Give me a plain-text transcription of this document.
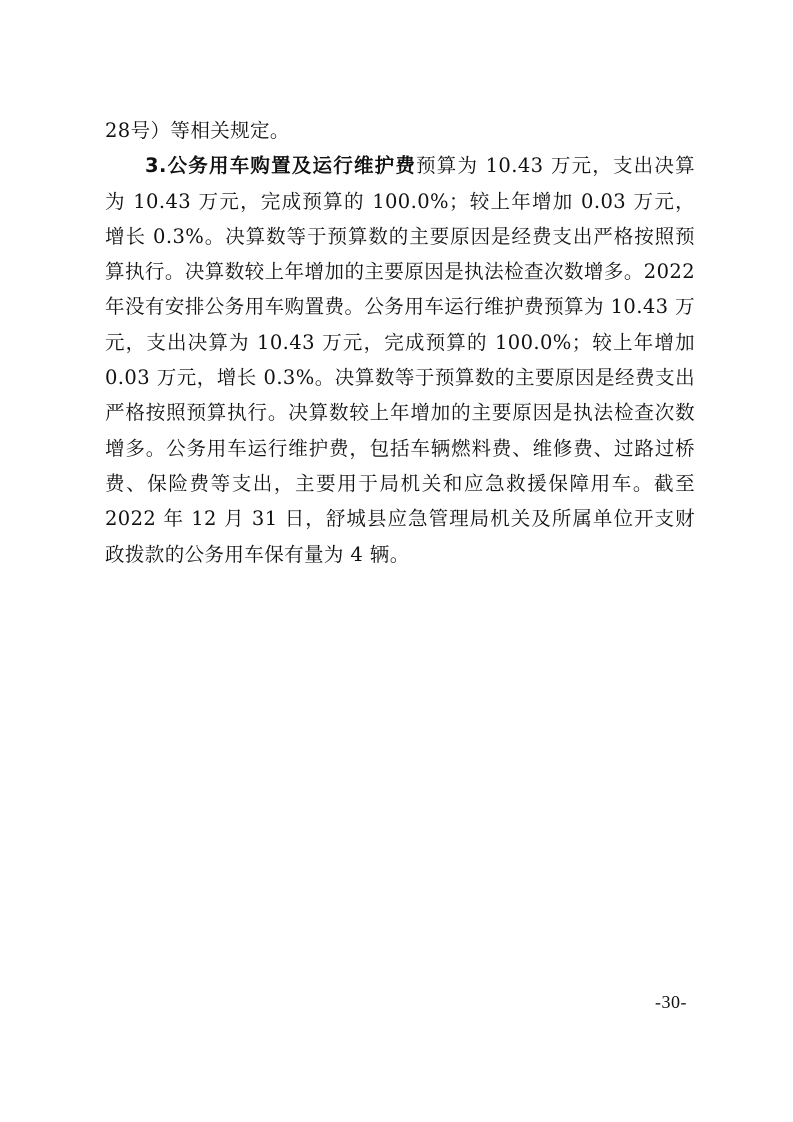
28号）等相关规定。

3.公务用车购置及运行维护费预算为 10.43 万元，支出决算为 10.43 万元，完成预算的 100.0%；较上年增加 0.03 万元，增长 0.3%。决算数等于预算数的主要原因是经费支出严格按照预算执行。决算数较上年增加的主要原因是执法检查次数增多。2022 年没有安排公务用车购置费。公务用车运行维护费预算为 10.43 万元，支出决算为 10.43 万元，完成预算的 100.0%；较上年增加 0.03 万元，增长 0.3%。决算数等于预算数的主要原因是经费支出严格按照预算执行。决算数较上年增加的主要原因是执法检查次数增多。公务用车运行维护费，包括车辆燃料费、维修费、过路过桥费、保险费等支出，主要用于局机关和应急救援保障用车。截至 2022 年 12 月 31 日，舒城县应急管理局机关及所属单位开支财政拨款的公务用车保有量为 4 辆。

-30-
